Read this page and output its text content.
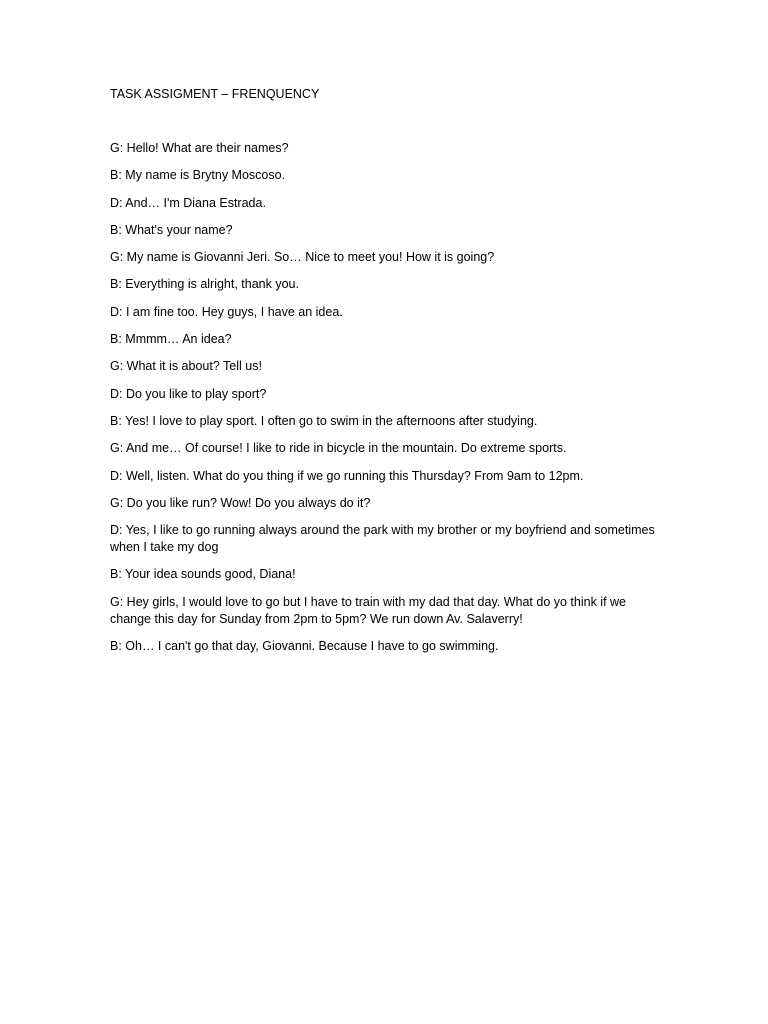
TASK ASSIGMENT – FRENQUENCY

G: Hello! What are their names?

B: My name is Brytny Moscoso.

D: And… I'm Diana Estrada.

B: What's your name?

G: My name is Giovanni Jeri. So… Nice to meet you! How it is going?

B: Everything is alright, thank you.

D: I am fine too. Hey guys, I have an idea.

B: Mmmm… An idea?

G: What it is about? Tell us!

D: Do you like to play sport?

B: Yes! I love to play sport. I often go to swim in the afternoons after studying.

G: And me… Of course! I like to ride in bicycle in the mountain. Do extreme sports.

D: Well, listen. What do you thing if we go running this Thursday? From 9am to 12pm.

G: Do you like run? Wow! Do you always do it?

D: Yes, I like to go running always around the park with my brother or my boyfriend and sometimes when I take my dog

B: Your idea sounds good, Diana!

G: Hey girls, I would love to go but I have to train with my dad that day. What do yo think if we change this day for Sunday from 2pm to 5pm? We run down Av. Salaverry!

B: Oh… I can't go that day, Giovanni. Because I have to go swimming.
